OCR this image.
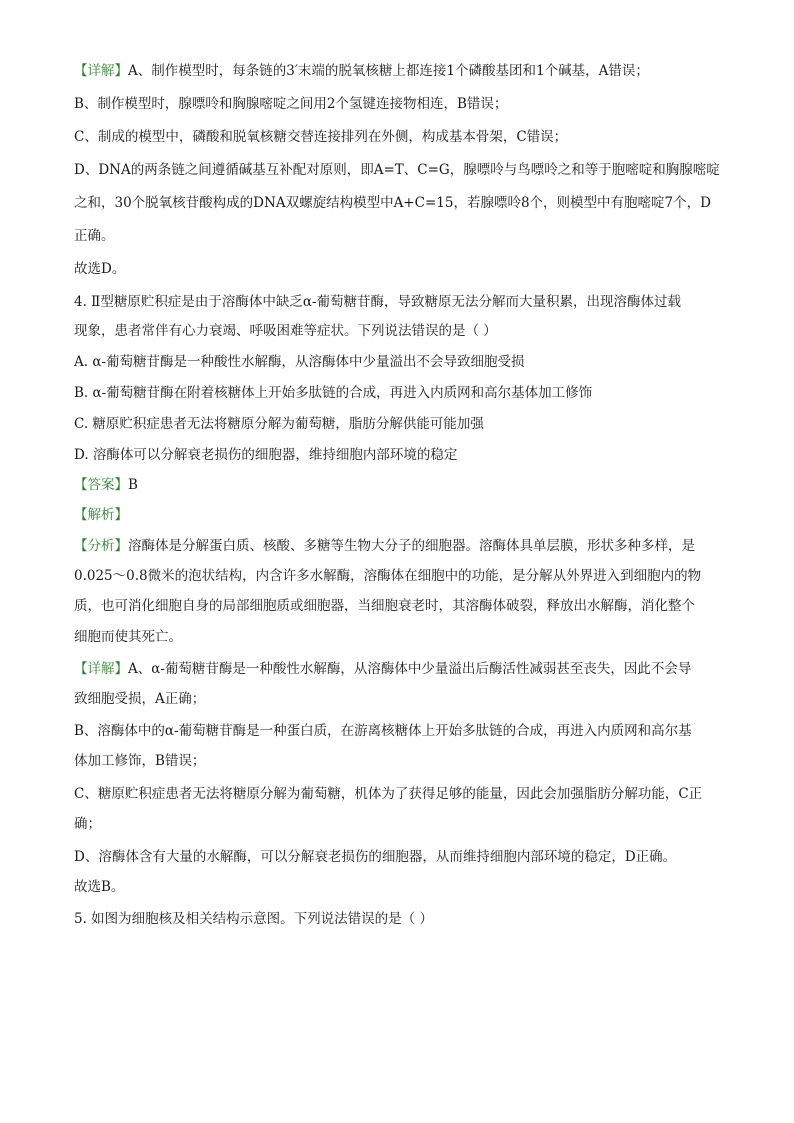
【详解】A、制作模型时，每条链的3′末端的脱氧核糖上都连接1个磷酸基团和1个碱基，A错误；
B、制作模型时，腺嘌呤和胸腺嘧啶之间用2个氢键连接物相连，B错误；
C、制成的模型中，磷酸和脱氧核糖交替连接排列在外侧，构成基本骨架，C错误；
D、DNA的两条链之间遵循碱基互补配对原则，即A=T、C=G，腺嘌呤与鸟嘌呤之和等于胞嘧啶和胸腺嘧啶
之和，30个脱氧核苷酸构成的DNA双螺旋结构模型中A+C=15，若腺嘌呤8个，则模型中有胞嘧啶7个，D
正确。
故选D。
4. Ⅱ型糖原贮积症是由于溶酶体中缺乏α-葡萄糖苷酶，导致糖原无法分解而大量积累，出现溶酶体过载
现象，患者常伴有心力衰竭、呼吸困难等症状。下列说法错误的是（ ）
A. α-葡萄糖苷酶是一种酸性水解酶，从溶酶体中少量溢出不会导致细胞受损
B. α-葡萄糖苷酶在附着核糖体上开始多肽链的合成，再进入内质网和高尔基体加工修饰
C. 糖原贮积症患者无法将糖原分解为葡萄糖，脂肪分解供能可能加强
D. 溶酶体可以分解衰老损伤的细胞器，维持细胞内部环境的稳定
【答案】B
【解析】
【分析】溶酶体是分解蛋白质、核酸、多糖等生物大分子的细胞器。溶酶体具单层膜，形状多种多样，是
0.025～0.8微米的泡状结构，内含许多水解酶，溶酶体在细胞中的功能，是分解从外界进入到细胞内的物
质，也可消化细胞自身的局部细胞质或细胞器，当细胞衰老时，其溶酶体破裂，释放出水解酶，消化整个
细胞而使其死亡。
【详解】A、α-葡萄糖苷酶是一种酸性水解酶，从溶酶体中少量溢出后酶活性减弱甚至丧失，因此不会导
致细胞受损，A正确；
B、溶酶体中的α-葡萄糖苷酶是一种蛋白质，在游离核糖体上开始多肽链的合成，再进入内质网和高尔基
体加工修饰，B错误；
C、糖原贮积症患者无法将糖原分解为葡萄糖，机体为了获得足够的能量，因此会加强脂肪分解功能，C正
确；
D、溶酶体含有大量的水解酶，可以分解衰老损伤的细胞器，从而维持细胞内部环境的稳定，D正确。
故选B。
5. 如图为细胞核及相关结构示意图。下列说法错误的是（ ）
